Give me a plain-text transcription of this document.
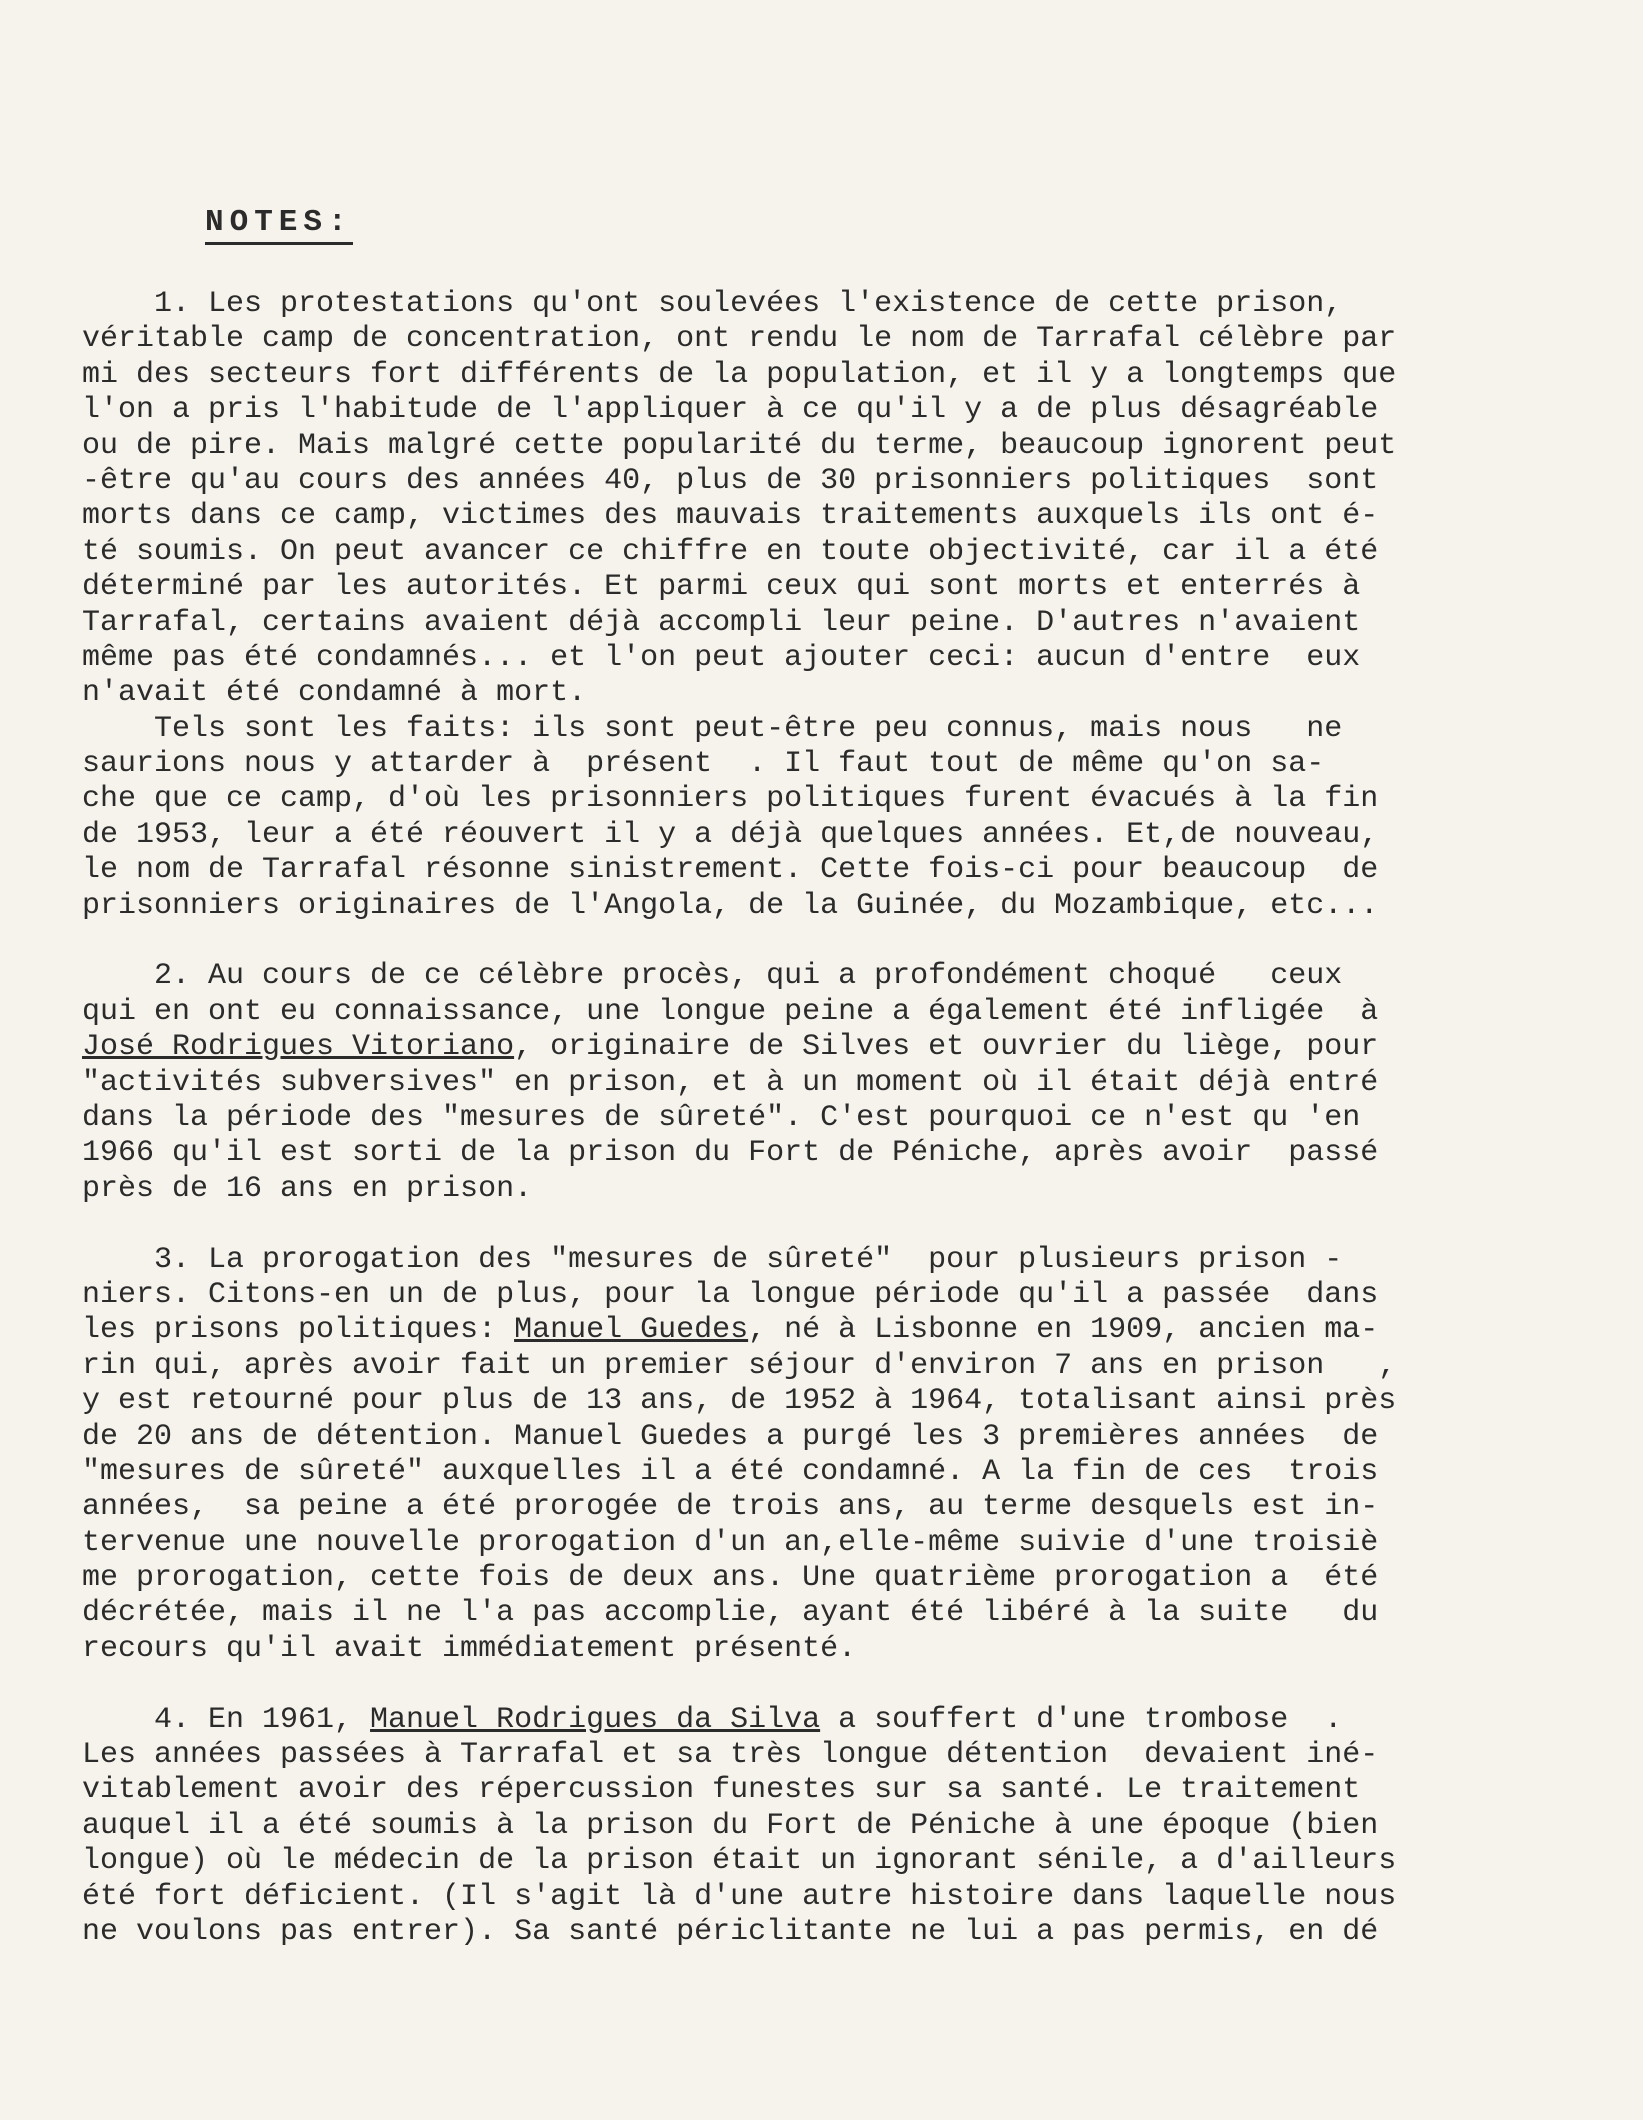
NOTES:
1. Les protestations qu'ont soulevées l'existence de cette prison,
véritable camp de concentration, ont rendu le nom de Tarrafal célèbre par
mi des secteurs fort différents de la population, et il y a longtemps que
l'on a pris l'habitude de l'appliquer à ce qu'il y a de plus désagréable
ou de pire. Mais malgré cette popularité du terme, beaucoup ignorent peut
-être qu'au cours des années 40, plus de 30 prisonniers politiques  sont
morts dans ce camp, victimes des mauvais traitements auxquels ils ont é-
té soumis. On peut avancer ce chiffre en toute objectivité, car il a été
déterminé par les autorités. Et parmi ceux qui sont morts et enterrés à
Tarrafal, certains avaient déjà accompli leur peine. D'autres n'avaient
même pas été condamnés... et l'on peut ajouter ceci: aucun d'entre  eux
n'avait été condamné à mort.
Tels sont les faits: ils sont peut-être peu connus, mais nous   ne
saurions nous y attarder à  présent  . Il faut tout de même qu'on sa-
che que ce camp, d'où les prisonniers politiques furent évacués à la fin
de 1953, leur a été réouvert il y a déjà quelques années. Et,de nouveau,
le nom de Tarrafal résonne sinistrement. Cette fois-ci pour beaucoup  de
prisonniers originaires de l'Angola, de la Guinée, du Mozambique, etc...
2. Au cours de ce célèbre procès, qui a profondément choqué   ceux
qui en ont eu connaissance, une longue peine a également été infligée  à
José Rodrigues Vitoriano, originaire de Silves et ouvrier du liège, pour
"activités subversives" en prison, et à un moment où il était déjà entré
dans la période des "mesures de sûreté". C'est pourquoi ce n'est qu 'en
1966 qu'il est sorti de la prison du Fort de Péniche, après avoir  passé
près de 16 ans en prison.
3. La prorogation des "mesures de sûreté"  pour plusieurs prison -
niers. Citons-en un de plus, pour la longue période qu'il a passée  dans
les prisons politiques: Manuel Guedes, né à Lisbonne en 1909, ancien ma-
rin qui, après avoir fait un premier séjour d'environ 7 ans en prison   ,
y est retourné pour plus de 13 ans, de 1952 à 1964, totalisant ainsi près
de 20 ans de détention. Manuel Guedes a purgé les 3 premières années  de
"mesures de sûreté" auxquelles il a été condamné. A la fin de ces  trois
années,  sa peine a été prorogée de trois ans, au terme desquels est in-
tervenue une nouvelle prorogation d'un an,elle-même suivie d'une troisiè
me prorogation, cette fois de deux ans. Une quatrième prorogation a  été
décrétée, mais il ne l'a pas accomplie, ayant été libéré à la suite   du
recours qu'il avait immédiatement présenté.
4. En 1961, Manuel Rodrigues da Silva a souffert d'une trombose  .
Les années passées à Tarrafal et sa très longue détention  devaient iné-
vitablement avoir des répercussion funestes sur sa santé. Le traitement
auquel il a été soumis à la prison du Fort de Péniche à une époque (bien
longue) où le médecin de la prison était un ignorant sénile, a d'ailleurs
été fort déficient. (Il s'agit là d'une autre histoire dans laquelle nous
ne voulons pas entrer). Sa santé périclitante ne lui a pas permis, en dé
